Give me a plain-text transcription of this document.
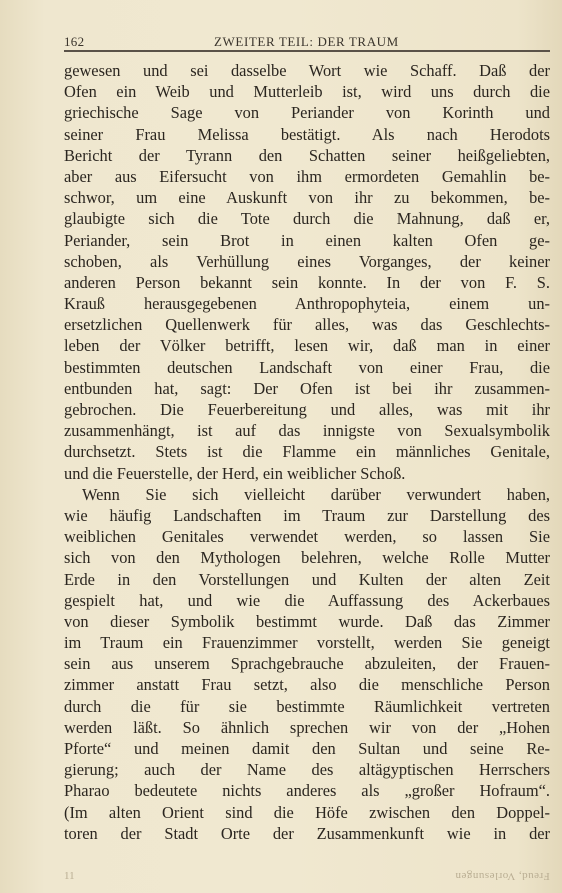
162	ZWEITER TEIL: DER TRAUM
gewesen und sei dasselbe Wort wie Schaff. Daß der
Ofen ein Weib und Mutterleib ist, wird uns durch die
griechische Sage von Periander von Korinth und
seiner Frau Melissa bestätigt. Als nach Herodots
Bericht der Tyrann den Schatten seiner heißgeliebten,
aber aus Eifersucht von ihm ermordeten Gemahlin be-
schwor, um eine Auskunft von ihr zu bekommen, be-
glaubigte sich die Tote durch die Mahnung, daß er,
Periander, sein Brot in einen kalten Ofen ge-
schoben, als Verhüllung eines Vorganges, der keiner
anderen Person bekannt sein konnte. In der von F. S.
Krauß herausgegebenen Anthropophyteia, einem un-
ersetzlichen Quellenwerk für alles, was das Geschlechts-
leben der Völker betrifft, lesen wir, daß man in einer
bestimmten deutschen Landschaft von einer Frau, die
entbunden hat, sagt: Der Ofen ist bei ihr zusammen-
gebrochen. Die Feuerbereitung und alles, was mit ihr
zusammenhängt, ist auf das innigste von Sexualsymbolik
durchsetzt. Stets ist die Flamme ein männliches Genitale,
und die Feuerstelle, der Herd, ein weiblicher Schoß.
Wenn Sie sich vielleicht darüber verwundert haben,
wie häufig Landschaften im Traum zur Darstellung des
weiblichen Genitales verwendet werden, so lassen Sie
sich von den Mythologen belehren, welche Rolle Mutter
Erde in den Vorstellungen und Kulten der alten Zeit
gespielt hat, und wie die Auffassung des Ackerbaues
von dieser Symbolik bestimmt wurde. Daß das Zimmer
im Traum ein Frauenzimmer vorstellt, werden Sie geneigt
sein aus unserem Sprachgebrauche abzuleiten, der Frauen-
zimmer anstatt Frau setzt, also die menschliche Person
durch die für sie bestimmte Räumlichkeit vertreten
werden läßt. So ähnlich sprechen wir von der „Hohen
Pforte“ und meinen damit den Sultan und seine Re-
gierung; auch der Name des altägyptischen Herrschers
Pharao bedeutete nichts anderes als „großer Hofraum“.
(Im alten Orient sind die Höfe zwischen den Doppel-
toren der Stadt Orte der Zusammenkunft wie in der
11	Freud, Vorlesungen
